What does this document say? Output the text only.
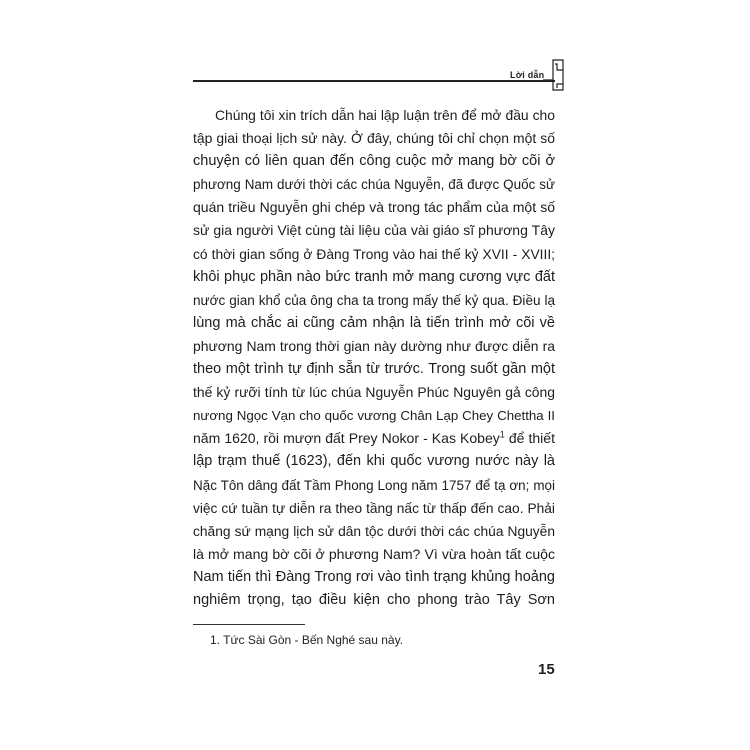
Lời dẫn
Chúng tôi xin trích dẫn hai lập luận trên để mở đầu cho
tập giai thoại lịch sử này. Ở đây, chúng tôi chỉ chọn một số
chuyện có liên quan đến công cuộc mở mang bờ cõi ở
phương Nam dưới thời các chúa Nguyễn, đã được Quốc sử
quán triều Nguyễn ghi chép và trong tác phẩm của một số
sử gia người Việt cùng tài liệu của vài giáo sĩ phương Tây
có thời gian sống ở Đàng Trong vào hai thế kỷ XVII - XVIII;
khôi phục phần nào bức tranh mở mang cương vực đất
nước gian khổ của ông cha ta trong mấy thế kỷ qua. Điều lạ
lùng mà chắc ai cũng cảm nhận là tiến trình mở cõi về
phương Nam trong thời gian này dường như được diễn ra
theo một trình tự định sẵn từ trước. Trong suốt gần một
thế kỷ rưỡi tính từ lúc chúa Nguyễn Phúc Nguyên gả công
nương Ngọc Vạn cho quốc vương Chân Lạp Chey Chettha II
năm 1620, rồi mượn đất Prey Nokor - Kas Kobey$^1$ để thiết
lập trạm thuế (1623), đến khi quốc vương nước này là
Nặc Tôn dâng đất Tầm Phong Long năm 1757 để tạ ơn; mọi
việc cứ tuần tự diễn ra theo tầng nấc từ thấp đến cao. Phải
chăng sứ mạng lịch sử dân tộc dưới thời các chúa Nguyễn
là mở mang bờ cõi ở phương Nam? Vì vừa hoàn tất cuộc
Nam tiến thì Đàng Trong rơi vào tình trạng khủng hoảng
nghiêm trọng, tạo điều kiện cho phong trào Tây Sơn
1. Tức Sài Gòn - Bến Nghé sau này.
15
